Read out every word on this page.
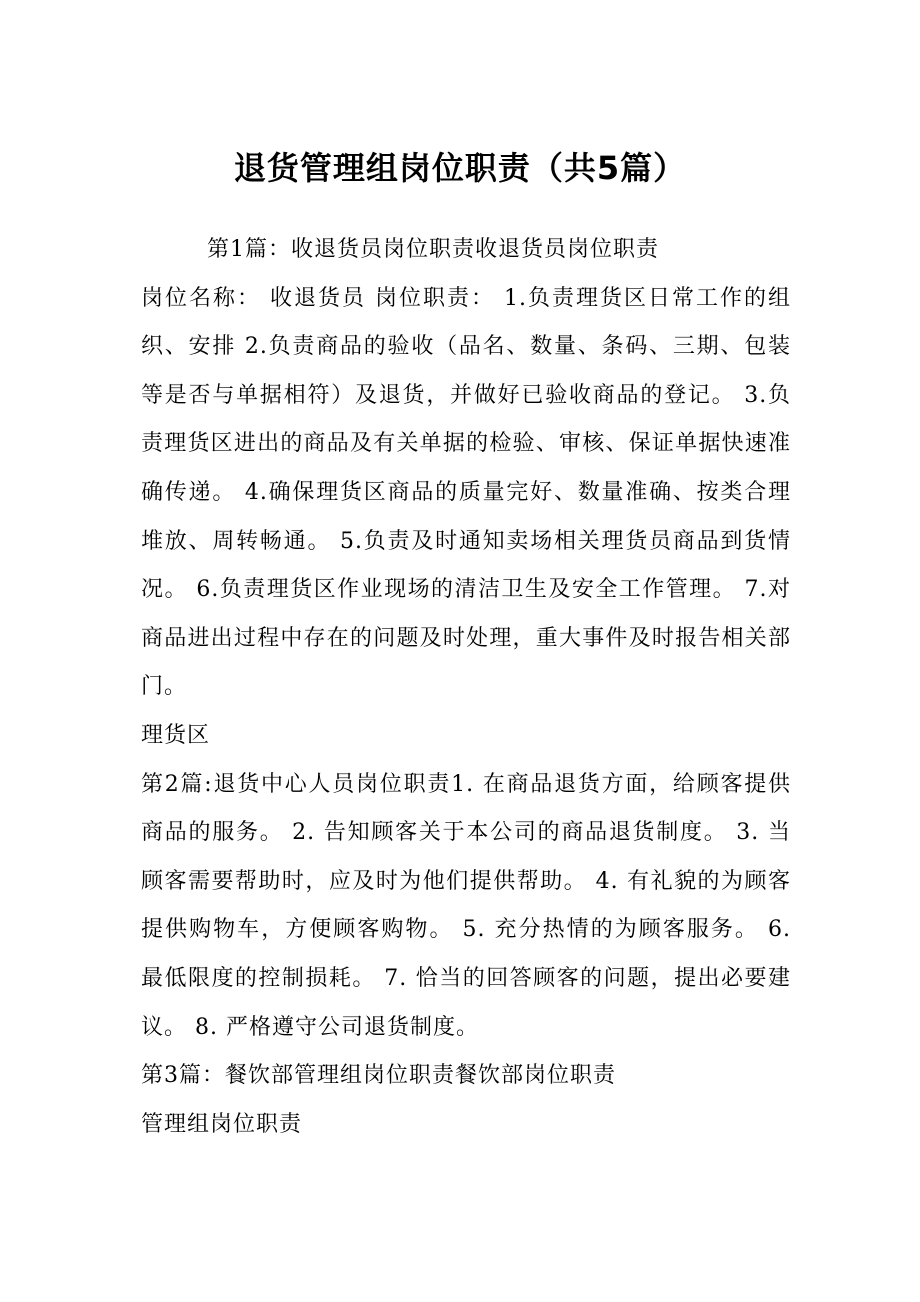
退货管理组岗位职责（共5篇）

第1篇：收退货员岗位职责收退货员岗位职责

岗位名称： 收退货员 岗位职责： 1.负责理货区日常工作的组织、安排 2.负责商品的验收（品名、数量、条码、三期、包装等是否与单据相符）及退货，并做好已验收商品的登记。 3.负责理货区进出的商品及有关单据的检验、审核、保证单据快速准确传递。 4.确保理货区商品的质量完好、数量准确、按类合理堆放、周转畅通。 5.负责及时通知卖场相关理货员商品到货情况。 6.负责理货区作业现场的清洁卫生及安全工作管理。 7.对商品进出过程中存在的问题及时处理，重大事件及时报告相关部门。

理货区

第2篇:退货中心人员岗位职责1. 在商品退货方面，给顾客提供商品的服务。 2. 告知顾客关于本公司的商品退货制度。 3. 当顾客需要帮助时，应及时为他们提供帮助。 4. 有礼貌的为顾客提供购物车，方便顾客购物。 5. 充分热情的为顾客服务。 6. 最低限度的控制损耗。 7. 恰当的回答顾客的问题，提出必要建议。 8. 严格遵守公司退货制度。

第3篇：餐饮部管理组岗位职责餐饮部岗位职责

管理组岗位职责
